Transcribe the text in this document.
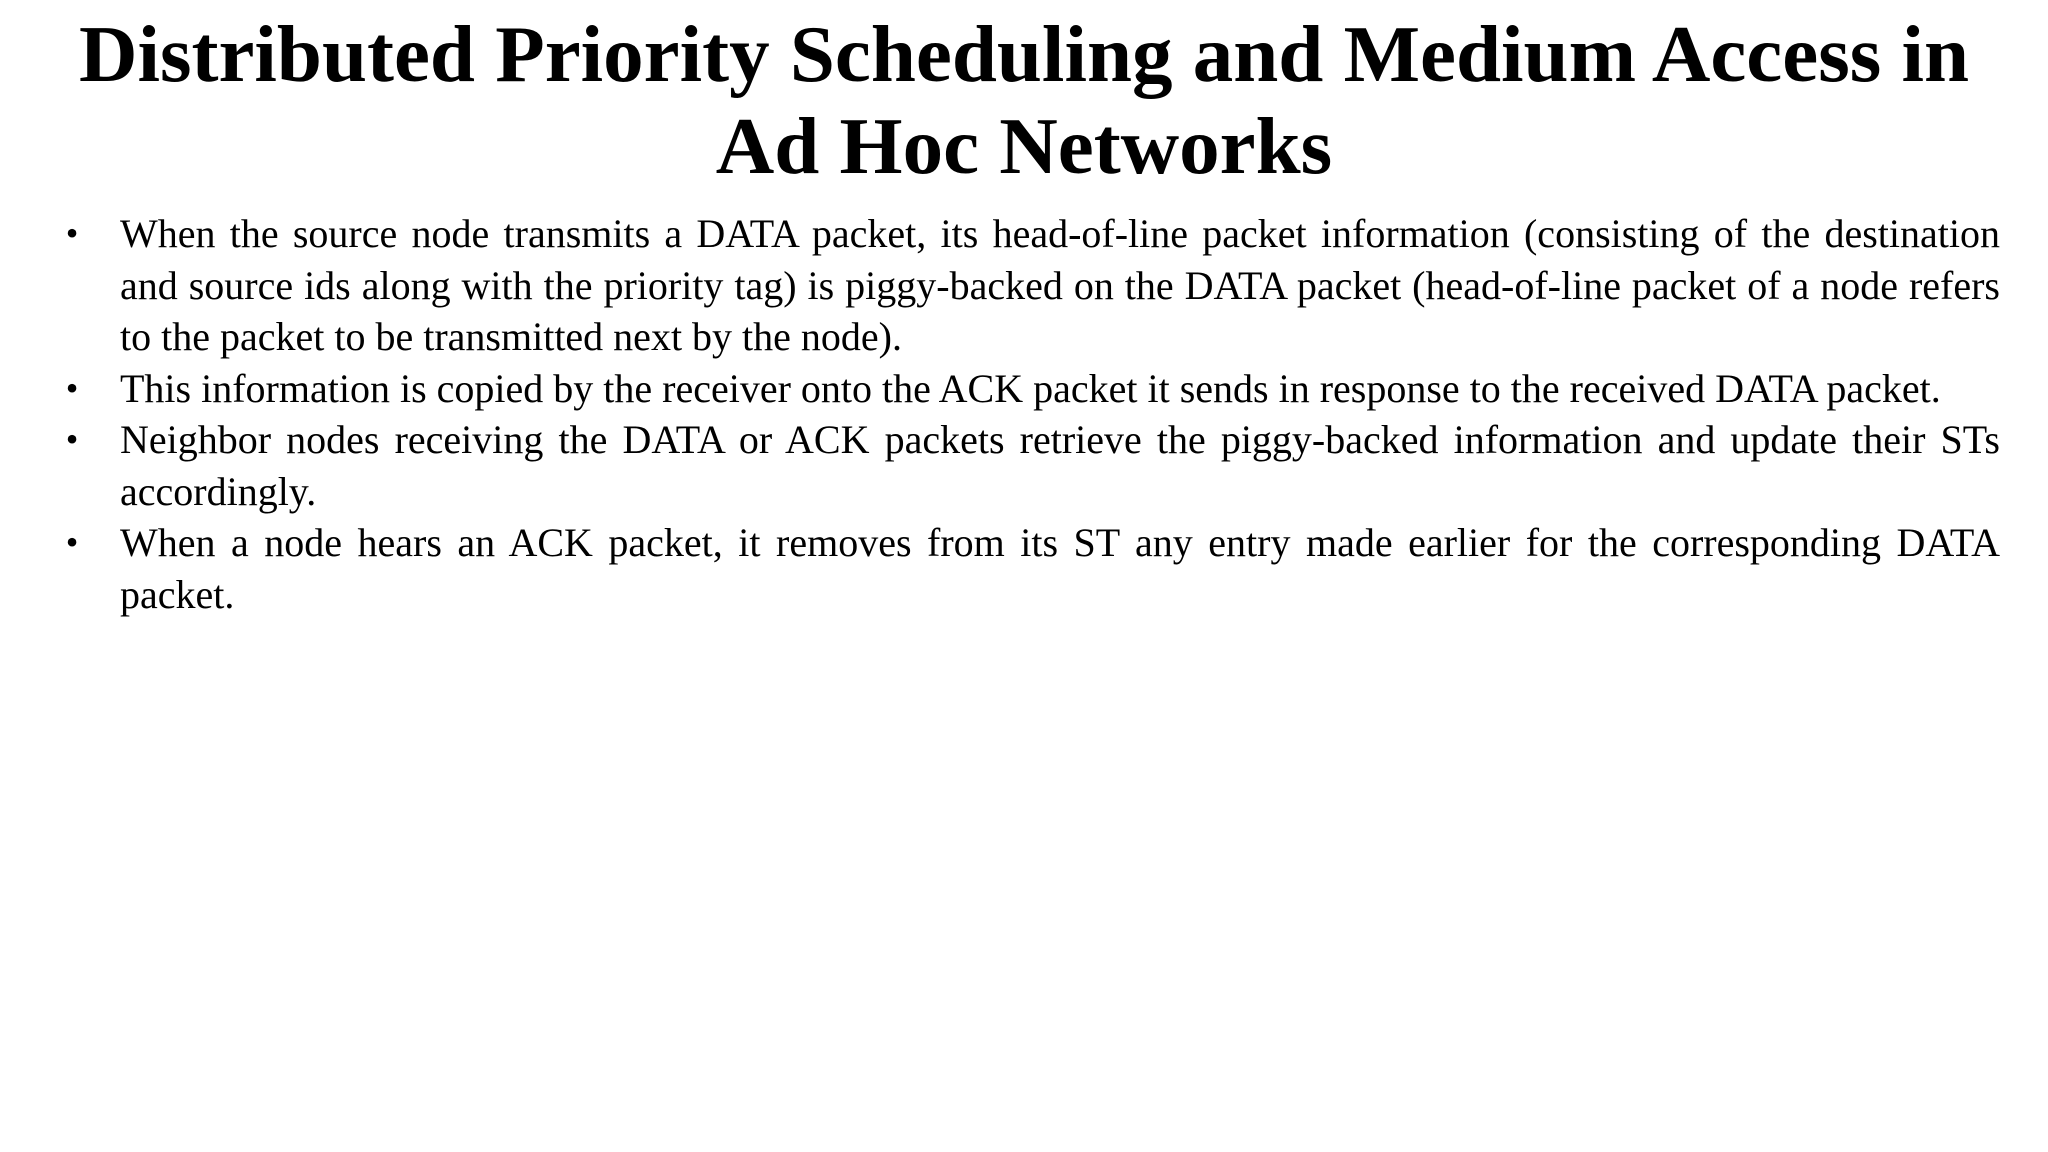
Distributed Priority Scheduling and Medium Access in
Ad Hoc Networks
• When the source node transmits a DATA packet, its head-of-line packet information (consisting of the destination and source ids along with the priority tag) is piggy-backed on the DATA packet (head-of-line packet of a node refers to the packet to be transmitted next by the node).
• This information is copied by the receiver onto the ACK packet it sends in response to the received DATA packet.
• Neighbor nodes receiving the DATA or ACK packets retrieve the piggy-backed information and update their STs accordingly.
• When a node hears an ACK packet, it removes from its ST any entry made earlier for the corresponding DATA packet.
